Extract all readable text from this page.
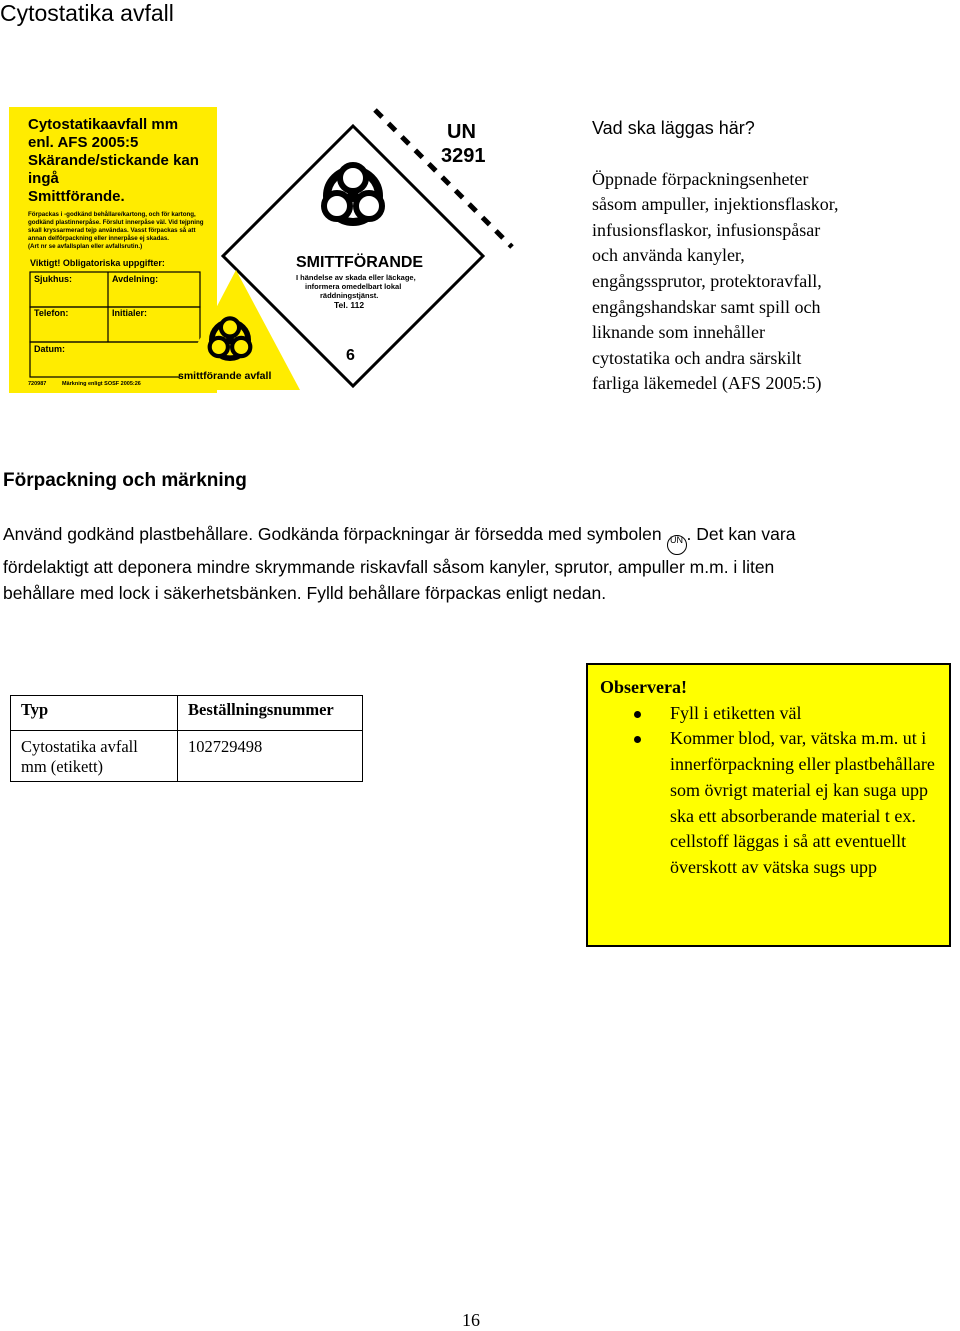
Cytostatika avfall
Cytostatikaavfall mm
enl. AFS 2005:5
Skärande/stickande kan
ingå
Smittförande.
Förpackas i -godkänd behållare/kartong, och för kartong,
godkänd plastinnerpåse. Förslut innerpåse väl. Vid tejpning
skall kryssarmerad tejp användas. Vasst förpackas så att
annan delförpackning eller innerpåse ej skadas.
(Art nr se avfallsplan eller avfallsrutin.)
Viktigt! Obligatoriska uppgifter:
Sjukhus:	Avdelning:
Telefon:	Initialer:
Datum:
720987	Märkning enligt SOSF 2005:26
SMITTFÖRANDE
I händelse av skada eller läckage,
informera omedelbart lokal
räddningstjänst.
Tel. 112
6
UN
3291
smittförande avfall
Vad ska läggas här?
Öppnade förpackningsenheter
såsom ampuller, injektionsflaskor,
infusionsflaskor, infusionspåsar
och använda kanyler,
engångssprutor, protektoravfall,
engångshandskar samt spill och
liknande som innehåller
cytostatika och andra särskilt
farliga läkemedel (AFS 2005:5)
Förpackning och märkning
Använd godkänd plastbehållare. Godkända förpackningar är försedda med symbolen UN . Det kan vara
fördelaktigt att deponera mindre skrymmande riskavfall såsom kanyler, sprutor, ampuller m.m. i liten
behållare med lock i säkerhetsbänken. Fylld behållare förpackas enligt nedan.
Typ	Beställningsnummer
Cytostatika avfall mm (etikett)	102729498
Observera!
Fyll i etiketten väl
Kommer blod, var, vätska m.m. ut i innerförpackning eller plastbehållare som övrigt material ej kan suga upp ska ett absorberande material t ex. cellstoff läggas i så att eventuellt överskott av vätska sugs upp
16
